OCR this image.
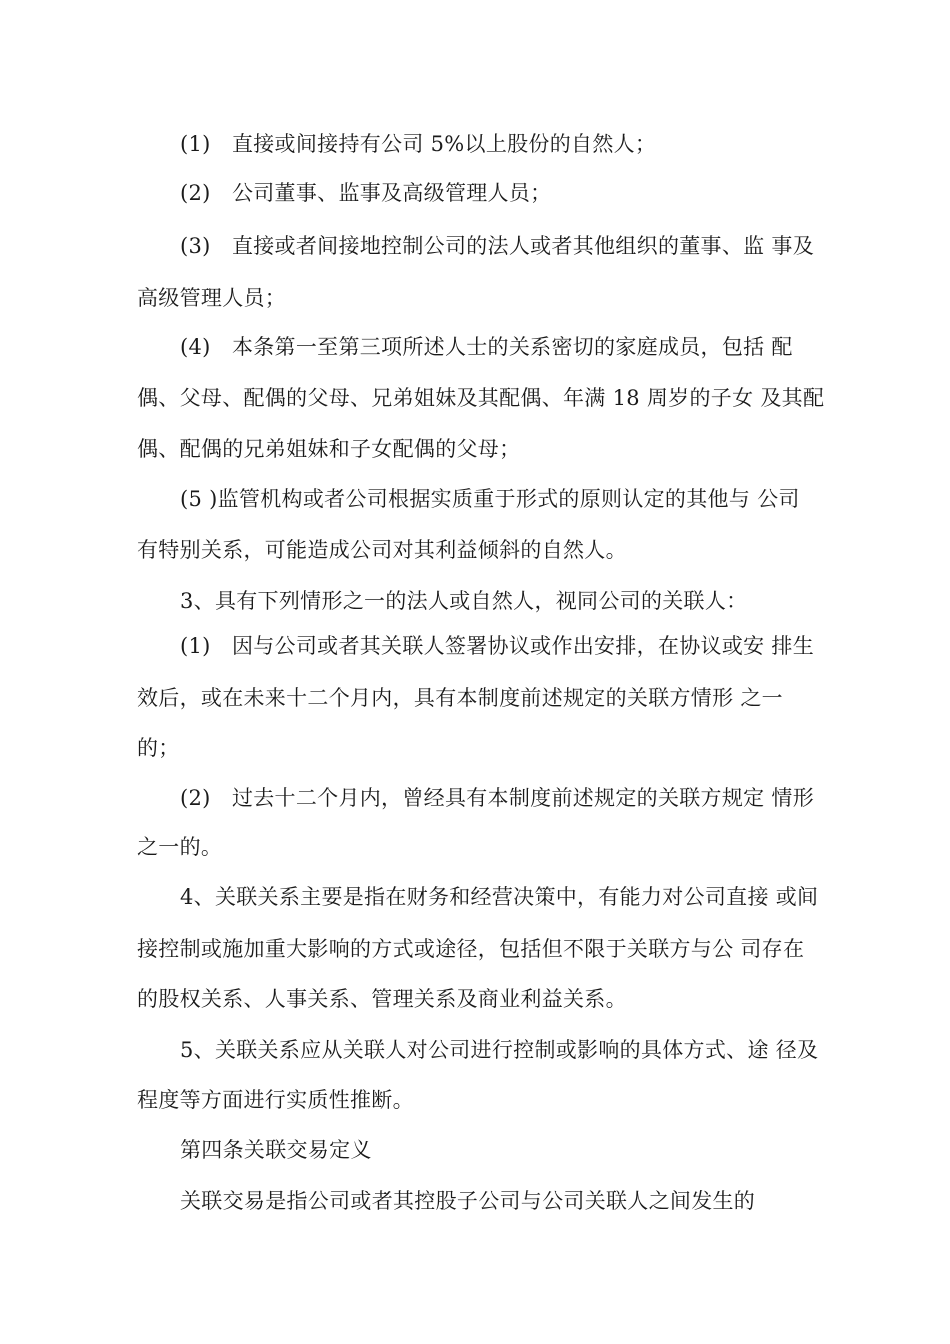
(1)　直接或间接持有公司 5%以上股份的自然人；
(2)　公司董事、监事及高级管理人员；
(3)　直接或者间接地控制公司的法人或者其他组织的董事、监 事及
高级管理人员；
(4)　本条第一至第三项所述人士的关系密切的家庭成员，包括 配
偶、父母、配偶的父母、兄弟姐妹及其配偶、年满 18 周岁的子女 及其配
偶、配偶的兄弟姐妹和子女配偶的父母；
(5 )监管机构或者公司根据实质重于形式的原则认定的其他与 公司
有特别关系，可能造成公司对其利益倾斜的自然人。
3、具有下列情形之一的法人或自然人，视同公司的关联人：
(1)　因与公司或者其关联人签署协议或作出安排，在协议或安 排生
效后，或在未来十二个月内，具有本制度前述规定的关联方情形 之一
的；
(2)　过去十二个月内，曾经具有本制度前述规定的关联方规定 情形
之一的。
4、关联关系主要是指在财务和经营决策中，有能力对公司直接 或间
接控制或施加重大影响的方式或途径，包括但不限于关联方与公 司存在
的股权关系、人事关系、管理关系及商业利益关系。
5、关联关系应从关联人对公司进行控制或影响的具体方式、途 径及
程度等方面进行实质性推断。
第四条关联交易定义
关联交易是指公司或者其控股子公司与公司关联人之间发生的
